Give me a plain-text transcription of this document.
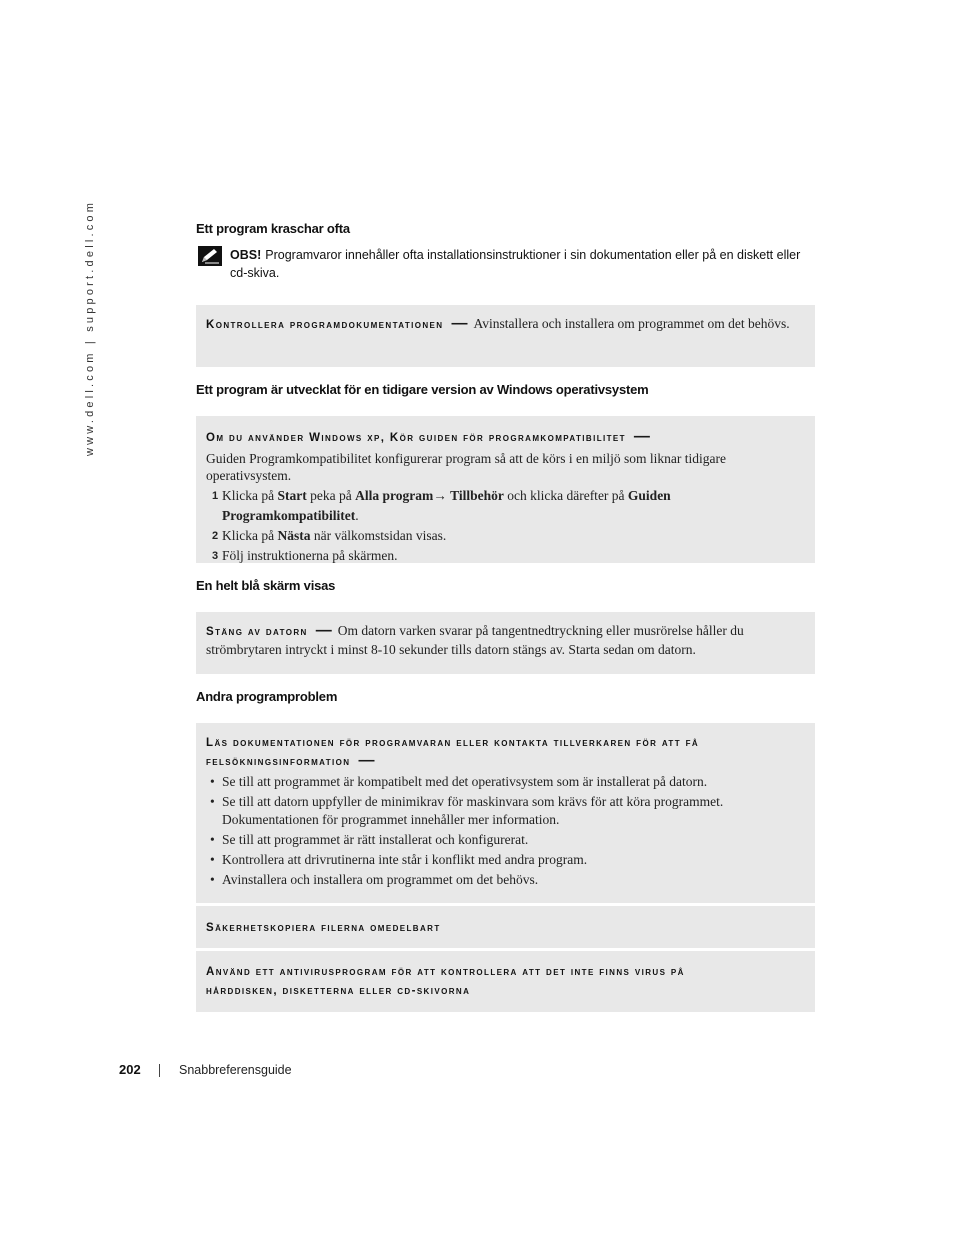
www.dell.com | support.dell.com	Ett program kraschar ofta
OBS! Programvaror innehåller ofta installationsinstruktioner i sin dokumentation eller på en diskett eller cd-skiva.
Kontrollera programdokumentationen — Avinstallera och installera om programmet om det behövs.
Ett program är utvecklat för en tidigare version av Windows operativsystem
Om du använder Windows xp, Kör guiden för programkompatibilitet —
Guiden Programkompatibilitet konfigurerar program så att de körs i en miljö som liknar tidigare operativsystem.
1 Klicka på Start peka på Alla program→ Tillbehör och klicka därefter på Guiden Programkompatibilitet.
2 Klicka på Nästa när välkomstsidan visas.
3 Följ instruktionerna på skärmen.
En helt blå skärm visas
Stäng av datorn — Om datorn varken svarar på tangentnedtryckning eller musrörelse håller du strömbrytaren intryckt i minst 8-10 sekunder tills datorn stängs av. Starta sedan om datorn.
Andra programproblem
Läs dokumentationen för programvaran eller kontakta tillverkaren för att få felsökningsinformation —
• Se till att programmet är kompatibelt med det operativsystem som är installerat på datorn.
• Se till att datorn uppfyller de minimikrav för maskinvara som krävs för att köra programmet. Dokumentationen för programmet innehåller mer information.
• Se till att programmet är rätt installerat och konfigurerat.
• Kontrollera att drivrutinerna inte står i konflikt med andra program.
• Avinstallera och installera om programmet om det behövs.
Säkerhetskopiera filerna omedelbart
Använd ett antivirusprogram för att kontrollera att det inte finns virus på hårddisken, disketterna eller cd-skivorna
202	Snabbreferensguide
